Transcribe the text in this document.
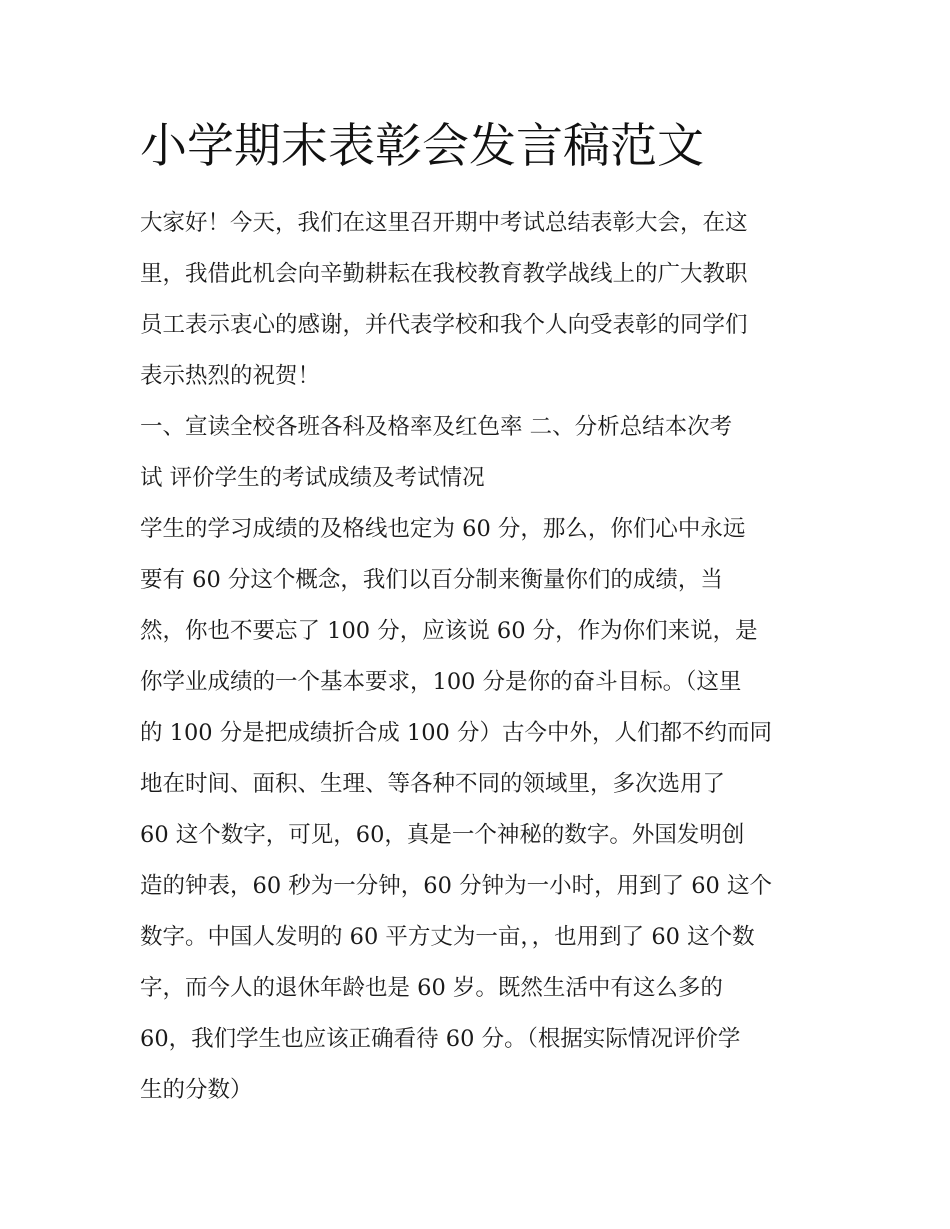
小学期末表彰会发言稿范文
大家好！今天，我们在这里召开期中考试总结表彰大会，在这
里，我借此机会向辛勤耕耘在我校教育教学战线上的广大教职
员工表示衷心的感谢，并代表学校和我个人向受表彰的同学们
表示热烈的祝贺！
一、宣读全校各班各科及格率及红色率 二、分析总结本次考
试 评价学生的考试成绩及考试情况
学生的学习成绩的及格线也定为 60 分，那么，你们心中永远
要有 60 分这个概念，我们以百分制来衡量你们的成绩，当
然，你也不要忘了 100 分，应该说 60 分，作为你们来说，是
你学业成绩的一个基本要求，100 分是你的奋斗目标。（这里
的 100 分是把成绩折合成 100 分）古今中外，人们都不约而同
地在时间、面积、生理、等各种不同的领域里，多次选用了
60 这个数字，可见，60，真是一个神秘的数字。外国发明创
造的钟表，60 秒为一分钟，60 分钟为一小时，用到了 60 这个
数字。中国人发明的 60 平方丈为一亩，，也用到了 60 这个数
字，而今人的退休年龄也是 60 岁。既然生活中有这么多的
60，我们学生也应该正确看待 60 分。（根据实际情况评价学
生的分数）
